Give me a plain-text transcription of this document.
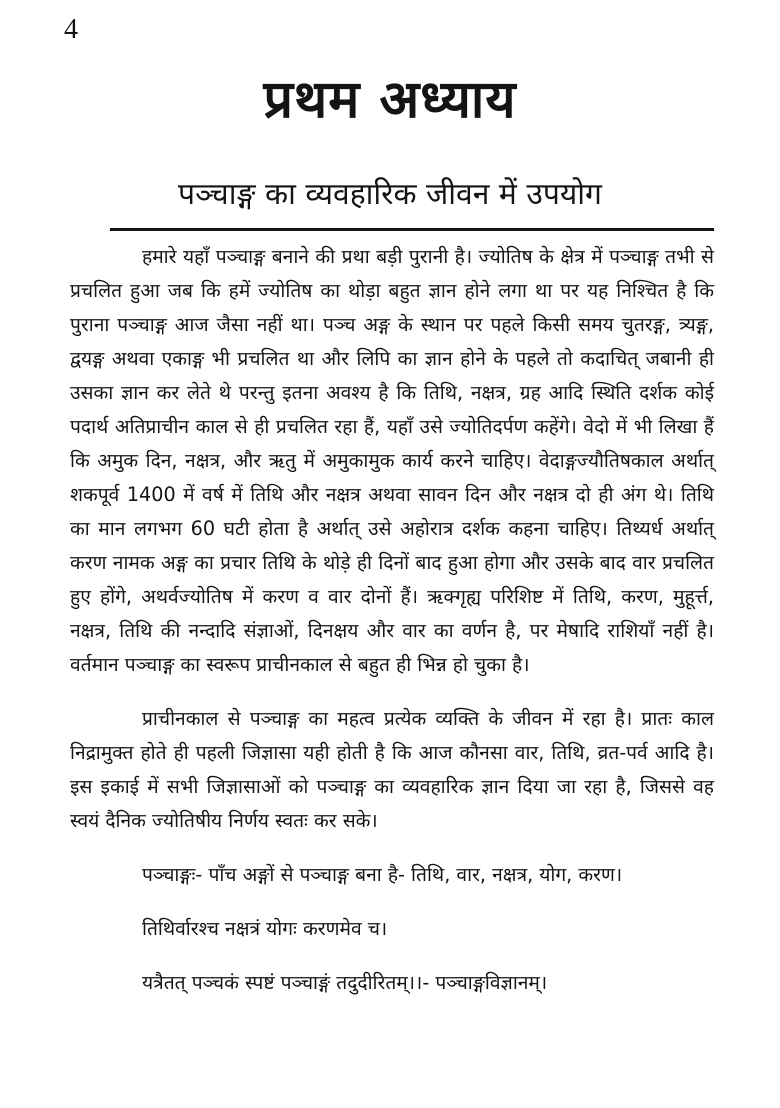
4
प्रथम अध्याय
पञ्चाङ्ग का व्यवहारिक जीवन में उपयोग

हमारे यहाँ पञ्चाङ्ग बनाने की प्रथा बड़ी पुरानी है। ज्योतिष के क्षेत्र में पञ्चाङ्ग तभी से प्रचलित हुआ जब कि हमें ज्योतिष का थोड़ा बहुत ज्ञान होने लगा था पर यह निश्चित है कि पुराना पञ्चाङ्ग आज जैसा नहीं था। पञ्च अङ्ग के स्थान पर पहले किसी समय चुतरङ्ग, त्र्यङ्ग, द्वयङ्ग अथवा एकाङ्ग भी प्रचलित था और लिपि का ज्ञान होने के पहले तो कदाचित् जबानी ही उसका ज्ञान कर लेते थे परन्तु इतना अवश्य है कि तिथि, नक्षत्र, ग्रह आदि स्थिति दर्शक कोई पदार्थ अतिप्राचीन काल से ही प्रचलित रहा हैं, यहाँ उसे ज्योतिदर्पण कहेंगे। वेदो में भी लिखा हैं कि अमुक दिन, नक्षत्र, और ऋतु में अमुकामुक कार्य करने चाहिए। वेदाङ्गज्यौतिषकाल अर्थात् शकपूर्व 1400 में वर्ष में तिथि और नक्षत्र अथवा सावन दिन और नक्षत्र दो ही अंग थे। तिथि का मान लगभग 60 घटी होता है अर्थात् उसे अहोरात्र दर्शक कहना चाहिए। तिथ्यर्ध अर्थात् करण नामक अङ्ग का प्रचार तिथि के थोड़े ही दिनों बाद हुआ होगा और उसके बाद वार प्रचलित हुए होंगे, अथर्वज्योतिष में करण व वार दोनों हैं। ऋक्गृह्य परिशिष्ट में तिथि, करण, मुहूर्त्त, नक्षत्र, तिथि की नन्दादि संज्ञाओं, दिनक्षय और वार का वर्णन है, पर मेषादि राशियाँ नहीं है। वर्तमान पञ्चाङ्ग का स्वरूप प्राचीनकाल से बहुत ही भिन्न हो चुका है।

प्राचीनकाल से पञ्चाङ्ग का महत्व प्रत्येक व्यक्ति के जीवन में रहा है। प्रातः काल निद्रामुक्त होते ही पहली जिज्ञासा यही होती है कि आज कौनसा वार, तिथि, व्रत-पर्व आदि है। इस इकाई में सभी जिज्ञासाओं को पञ्चाङ्ग का व्यवहारिक ज्ञान दिया जा रहा है, जिससे वह स्वयं दैनिक ज्योतिषीय निर्णय स्वतः कर सके।

पञ्चाङ्गः- पाँच अङ्गों से पञ्चाङ्ग बना है- तिथि, वार, नक्षत्र, योग, करण।
तिथिर्वारश्च नक्षत्रं योगः करणमेव च।
यत्रैतत् पञ्चकं स्पष्टं पञ्चाङ्गं तदुदीरितम्।।- पञ्चाङ्गविज्ञानम्।
